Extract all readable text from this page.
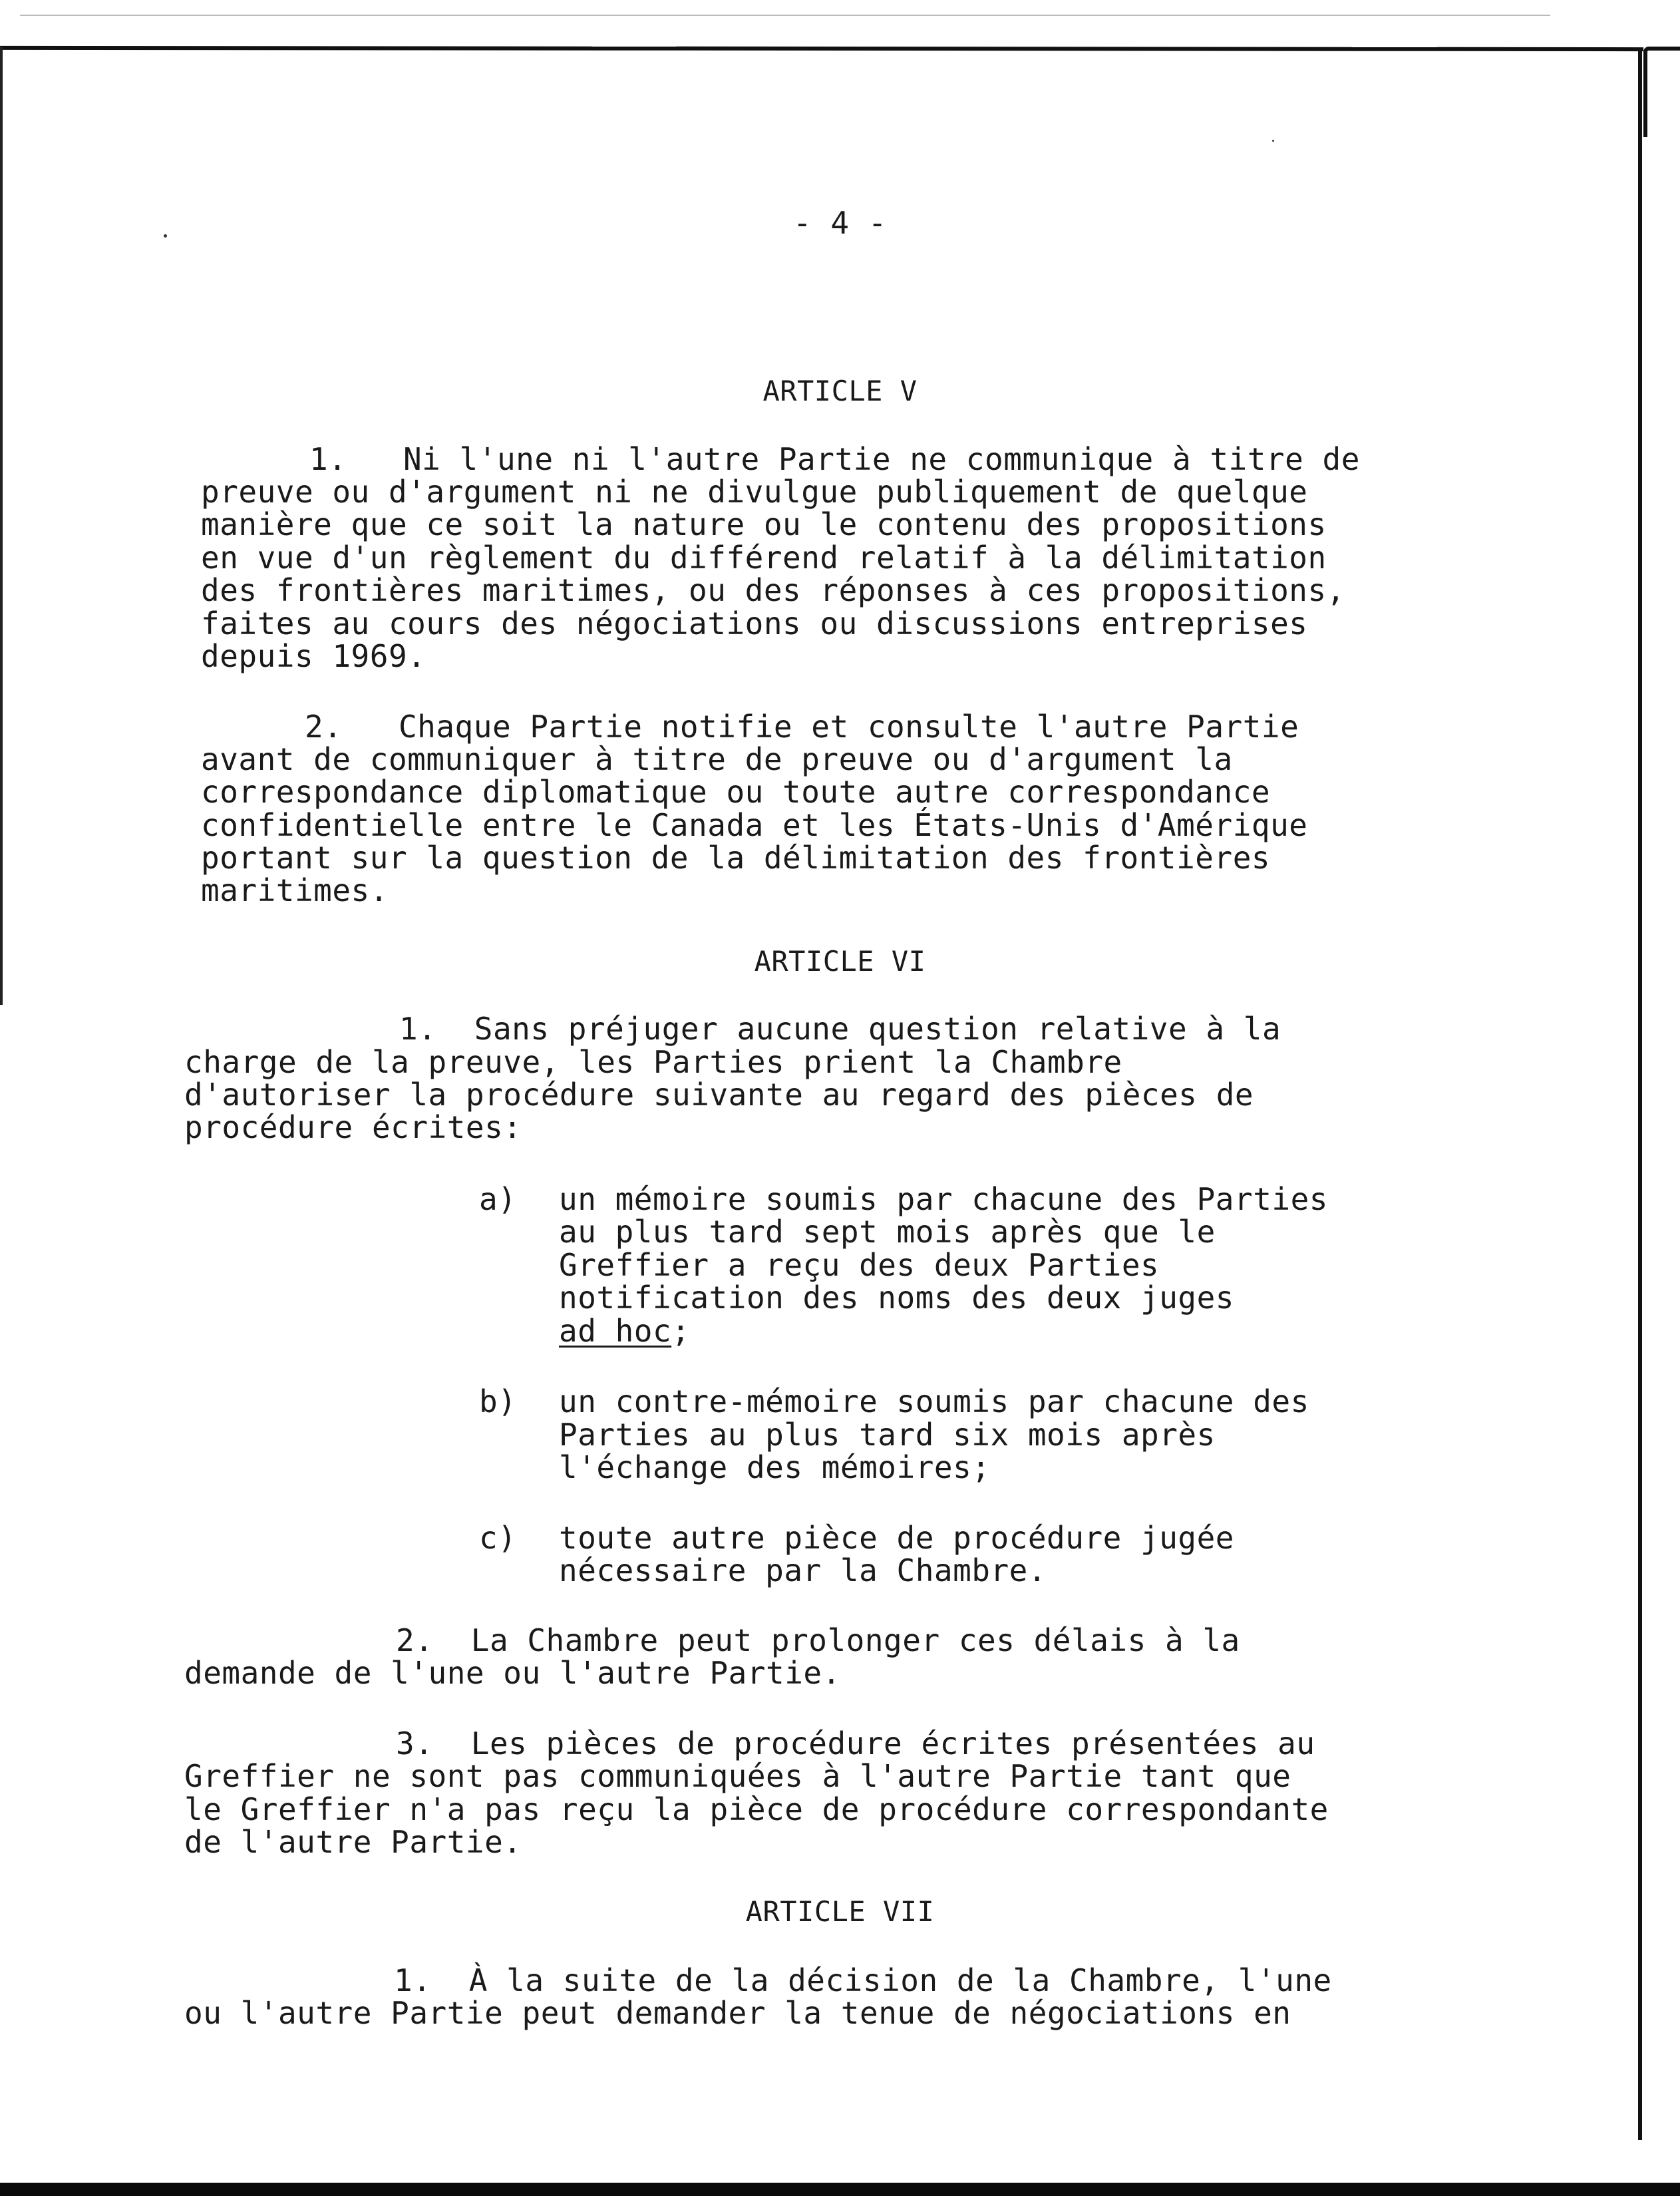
- 4 -

ARTICLE V

1.   Ni l'une ni l'autre Partie ne communique à titre de

preuve ou d'argument ni ne divulgue publiquement de quelque

manière que ce soit la nature ou le contenu des propositions

en vue d'un règlement du différend relatif à la délimitation

des frontières maritimes, ou des réponses à ces propositions,

faites au cours des négociations ou discussions entreprises

depuis 1969.

2.   Chaque Partie notifie et consulte l'autre Partie

avant de communiquer à titre de preuve ou d'argument la

correspondance diplomatique ou toute autre correspondance

confidentielle entre le Canada et les États-Unis d'Amérique

portant sur la question de la délimitation des frontières

maritimes.

ARTICLE VI

1.  Sans préjuger aucune question relative à la

charge de la preuve, les Parties prient la Chambre

d'autoriser la procédure suivante au regard des pièces de

procédure écrites:

a) un mémoire soumis par chacune des Parties

au plus tard sept mois après que le

Greffier a reçu des deux Parties

notification des noms des deux juges

ad hoc;

b) un contre-mémoire soumis par chacune des

Parties au plus tard six mois après

l'échange des mémoires;

c) toute autre pièce de procédure jugée

nécessaire par la Chambre.

2.  La Chambre peut prolonger ces délais à la

demande de l'une ou l'autre Partie.

3.  Les pièces de procédure écrites présentées au

Greffier ne sont pas communiquées à l'autre Partie tant que

le Greffier n'a pas reçu la pièce de procédure correspondante

de l'autre Partie.

ARTICLE VII

1.  À la suite de la décision de la Chambre, l'une

ou l'autre Partie peut demander la tenue de négociations en
